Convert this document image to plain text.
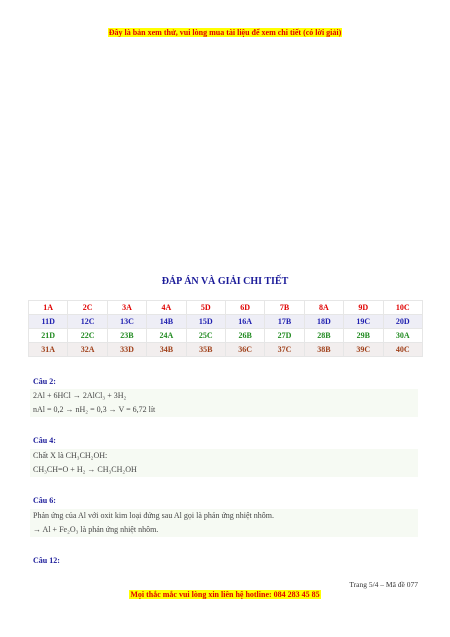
Đây là bản xem thử, vui lòng mua tài liệu để xem chi tiết (có lời giải)
ĐÁP ÁN VÀ GIẢI CHI TIẾT
1A	2C	3A	4A	5D	6D	7B	8A	9D	10C
11D	12C	13C	14B	15D	16A	17B	18D	19C	20D
21D	22C	23B	24A	25C	26B	27D	28B	29B	30A
31A	32A	33D	34B	35B	36C	37C	38B	39C	40C
Câu 2:
2Al + 6HCl → 2AlCl₃ + 3H₂
nAl = 0,2 → nH₂ = 0,3 → V = 6,72 lít
Câu 4:
Chất X là CH₃CH₂OH:
CH₃CH=O + H₂ → CH₃CH₂OH
Câu 6:
Phản ứng của Al với oxit kim loại đứng sau Al gọi là phản ứng nhiệt nhôm.
→ Al + Fe₂O₃ là phản ứng nhiệt nhôm.
Câu 12:
Trang 5/4 – Mã đề 077
Mọi thắc mắc vui lòng xin liên hệ hotline: 084 283 45 85
